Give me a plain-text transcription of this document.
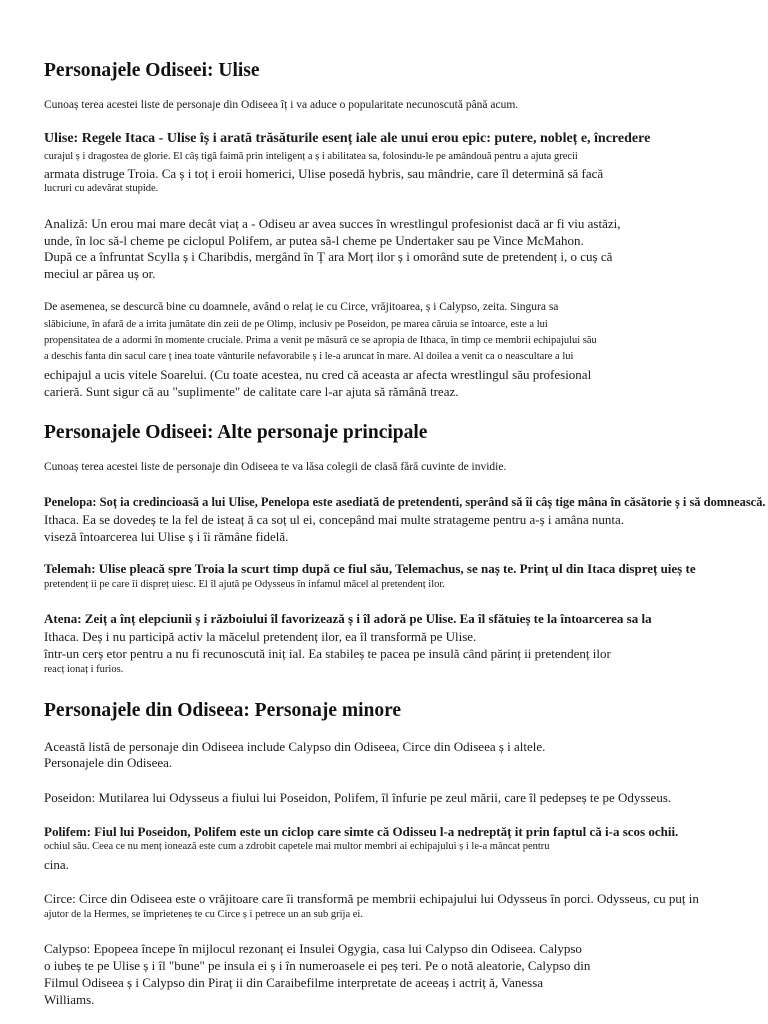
Personajele Odiseei: Ulise

Cunoaș terea acestei liste de personaje din Odiseea îț i va aduce o popularitate necunoscută până acum.

Ulise: Regele Itaca - Ulise îș i arată trăsăturile esenț iale ale unui erou epic: putere, nobleț e, încredere

curajul ș i dragostea de glorie. El câș tigă faimă prin inteligenț a ș i abilitatea sa, folosindu-le pe amândouă pentru a ajuta grecii

armata distruge Troia. Ca ș i toț i eroii homerici, Ulise posedă hybris, sau mândrie, care îl determină să facă

lucruri cu adevărat stupide.

Analiză: Un erou mai mare decât viaț a - Odiseu ar avea succes în wrestlingul profesionist dacă ar fi viu astăzi,

unde, în loc să-l cheme pe ciclopul Polifem, ar putea să-l cheme pe Undertaker sau pe Vince McMahon.

După ce a înfruntat Scylla ș i Charibdis, mergând în Ț ara Morț ilor ș i omorând sute de pretendenț i, o cuș că

meciul ar părea uș or.

De asemenea, se descurcă bine cu doamnele, având o relaț ie cu Circe, vrăjitoarea, ș i Calypso, zeita. Singura sa

slăbiciune, în afară de a irrita jumătate din zeii de pe Olimp, inclusiv pe Poseidon, pe marea căruia se întoarce, este a lui

propensitatea de a adormi în momente cruciale. Prima a venit pe măsură ce se apropia de Ithaca, în timp ce membrii echipajului său

a deschis fanta din sacul care ț inea toate vânturile nefavorabile ș i le-a aruncat în mare. Al doilea a venit ca o neascultare a lui

echipajul a ucis vitele Soarelui. (Cu toate acestea, nu cred că aceasta ar afecta wrestlingul său profesional

carieră. Sunt sigur că au "suplimente" de calitate care l-ar ajuta să rămână treaz.

Personajele Odiseei: Alte personaje principale

Cunoaș terea acestei liste de personaje din Odiseea te va lăsa colegii de clasă fără cuvinte de invidie.

Penelopa: Soț ia credincioasă a lui Ulise, Penelopa este asediată de pretendenti, sperând să îi câș tige mâna în căsătorie ș i să domnească.

Ithaca. Ea se dovedeș te la fel de isteaț ă ca soț ul ei, concepând mai multe stratageme pentru a-ș i amâna nunta.

viseză întoarcerea lui Ulise ș i îi rămâne fidelă.

Telemah: Ulise pleacă spre Troia la scurt timp după ce fiul său, Telemachus, se naș te. Prinț ul din Itaca dispreț uieș te

pretendenț ii pe care îi dispreț uiesc. El îl ajută pe Odysseus în infamul măcel al pretendenț ilor.

Atena: Zeiț a înț elepciunii ș i războiului îl favorizează ș i îl adoră pe Ulise. Ea îl sfătuieș te la întoarcerea sa la

Ithaca. Deș i nu participă activ la măcelul pretendenț ilor, ea îl transformă pe Ulise.

într-un cerș etor pentru a nu fi recunoscută iniț ial. Ea stabileș te pacea pe insulă când părinț ii pretendenț ilor

reacț ionaț i furios.

Personajele din Odiseea: Personaje minore

Această listă de personaje din Odiseea include Calypso din Odiseea, Circe din Odiseea ș i altele.

Personajele din Odiseea.

Poseidon: Mutilarea lui Odysseus a fiului lui Poseidon, Polifem, îl înfurie pe zeul mării, care îl pedepseș te pe Odysseus.

Polifem: Fiul lui Poseidon, Polifem este un ciclop care simte că Odisseu l-a nedreptăț it prin faptul că i-a scos ochii.

ochiul său. Ceea ce nu menț ionează este cum a zdrobit capetele mai multor membri ai echipajului ș i le-a mâncat pentru

cina.

Circe: Circe din Odiseea este o vrăjitoare care îi transformă pe membrii echipajului lui Odysseus în porci. Odysseus, cu puț in

ajutor de la Hermes, se împrieteneș te cu Circe ș i petrece un an sub grija ei.

Calypso: Epopeea începe în mijlocul rezonanț ei Insulei Ogygia, casa lui Calypso din Odiseea. Calypso

o iubeș te pe Ulise ș i îl "bune" pe insula ei ș i în numeroasele ei peș teri. Pe o notă aleatorie, Calypso din

Filmul Odiseea ș i Calypso din Piraț ii din Caraibefilme interpretate de aceeaș i actriț ă, Vanessa

Williams.
